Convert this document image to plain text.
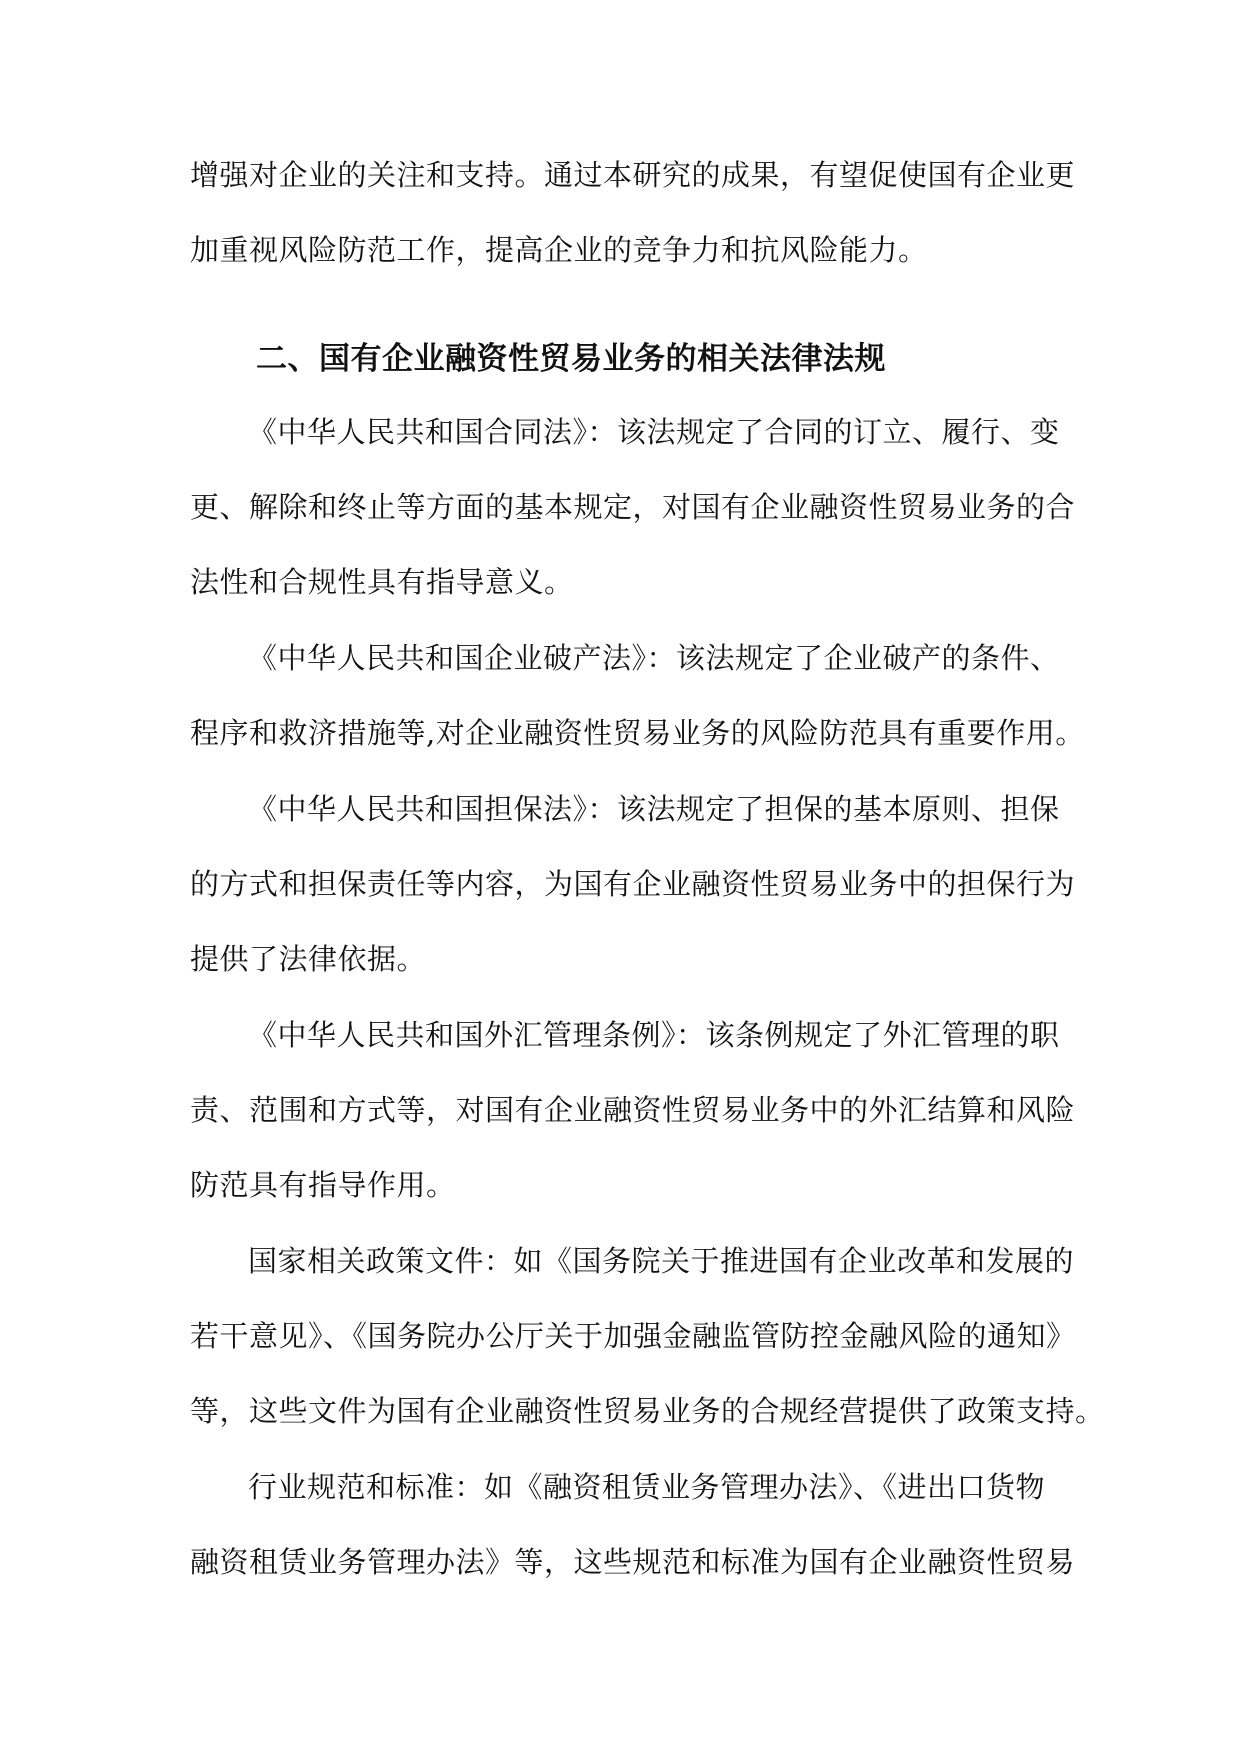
增强对企业的关注和支持。通过本研究的成果，有望促使国有企业更
加重视风险防范工作，提高企业的竞争力和抗风险能力。
二、国有企业融资性贸易业务的相关法律法规
《中华人民共和国合同法》：该法规定了合同的订立、履行、变
更、解除和终止等方面的基本规定，对国有企业融资性贸易业务的合
法性和合规性具有指导意义。
《中华人民共和国企业破产法》：该法规定了企业破产的条件、
程序和救济措施等,对企业融资性贸易业务的风险防范具有重要作用。
《中华人民共和国担保法》：该法规定了担保的基本原则、担保
的方式和担保责任等内容，为国有企业融资性贸易业务中的担保行为
提供了法律依据。
《中华人民共和国外汇管理条例》：该条例规定了外汇管理的职
责、范围和方式等，对国有企业融资性贸易业务中的外汇结算和风险
防范具有指导作用。
国家相关政策文件：如《国务院关于推进国有企业改革和发展的
若干意见》、《国务院办公厅关于加强金融监管防控金融风险的通知》
等，这些文件为国有企业融资性贸易业务的合规经营提供了政策支持。
行业规范和标准：如《融资租赁业务管理办法》、《进出口货物
融资租赁业务管理办法》等，这些规范和标准为国有企业融资性贸易
